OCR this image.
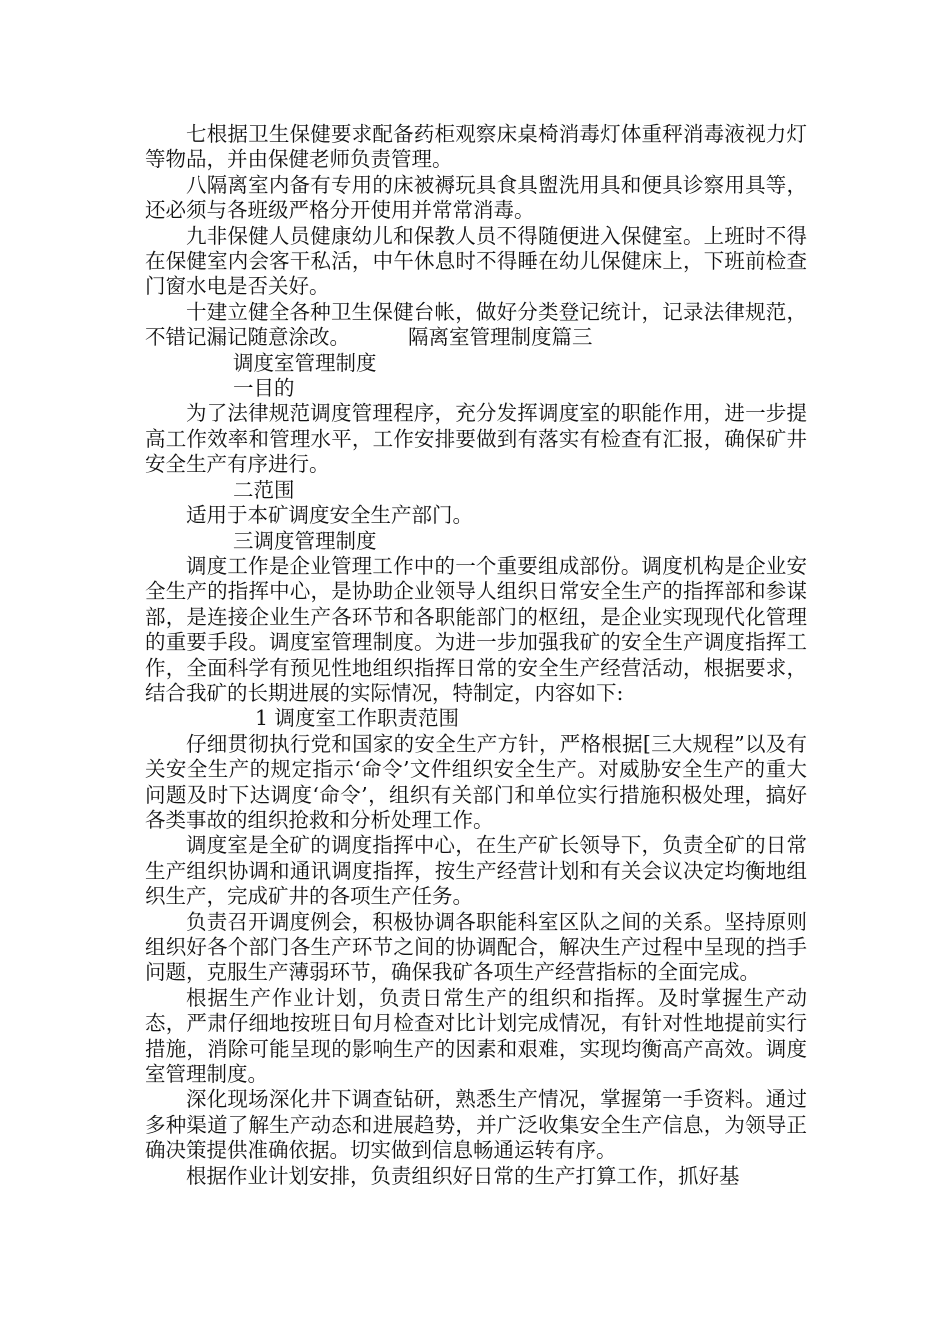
七根据卫生保健要求配备药柜观察床桌椅消毒灯体重秤消毒液视力灯等物品，并由保健老师负责管理。

八隔离室内备有专用的床被褥玩具食具盥洗用具和便具诊察用具等，还必须与各班级严格分开使用并常常消毒。

九非保健人员健康幼儿和保教人员不得随便进入保健室。上班时不得在保健室内会客干私活，中午休息时不得睡在幼儿保健床上，下班前检查门窗水电是否关好。

十建立健全各种卫生保健台帐，做好分类登记统计，记录法律规范，不错记漏记随意涂改。	隔离室管理制度篇三

调度室管理制度

一目的

为了法律规范调度管理程序，充分发挥调度室的职能作用，进一步提高工作效率和管理水平，工作安排要做到有落实有检查有汇报，确保矿井安全生产有序进行。

二范围

适用于本矿调度安全生产部门。

三调度管理制度

调度工作是企业管理工作中的一个重要组成部份。调度机构是企业安全生产的指挥中心，是协助企业领导人组织日常安全生产的指挥部和参谋部，是连接企业生产各环节和各职能部门的枢纽，是企业实现现代化管理的重要手段。调度室管理制度。为进一步加强我矿的安全生产调度指挥工作，全面科学有预见性地组织指挥日常的安全生产经营活动，根据要求，结合我矿的长期进展的实际情况，特制定，内容如下:

1 调度室工作职责范围

仔细贯彻执行党和国家的安全生产方针，严格根据[三大规程”以及有关安全生产的规定指示‘命令’文件组织安全生产。对威胁安全生产的重大问题及时下达调度‘命令’，组织有关部门和单位实行措施积极处理，搞好各类事故的组织抢救和分析处理工作。

调度室是全矿的调度指挥中心，在生产矿长领导下，负责全矿的日常生产组织协调和通讯调度指挥，按生产经营计划和有关会议决定均衡地组织生产，完成矿井的各项生产任务。

负责召开调度例会，积极协调各职能科室区队之间的关系。坚持原则组织好各个部门各生产环节之间的协调配合，解决生产过程中呈现的挡手问题，克服生产薄弱环节，确保我矿各项生产经营指标的全面完成。

根据生产作业计划，负责日常生产的组织和指挥。及时掌握生产动态，严肃仔细地按班日旬月检查对比计划完成情况，有针对性地提前实行措施，消除可能呈现的影响生产的因素和艰难，实现均衡高产高效。调度室管理制度。

深化现场深化井下调查钻研，熟悉生产情况，掌握第一手资料。通过多种渠道了解生产动态和进展趋势，并广泛收集安全生产信息，为领导正确决策提供准确依据。切实做到信息畅通运转有序。

根据作业计划安排，负责组织好日常的生产打算工作，抓好基
